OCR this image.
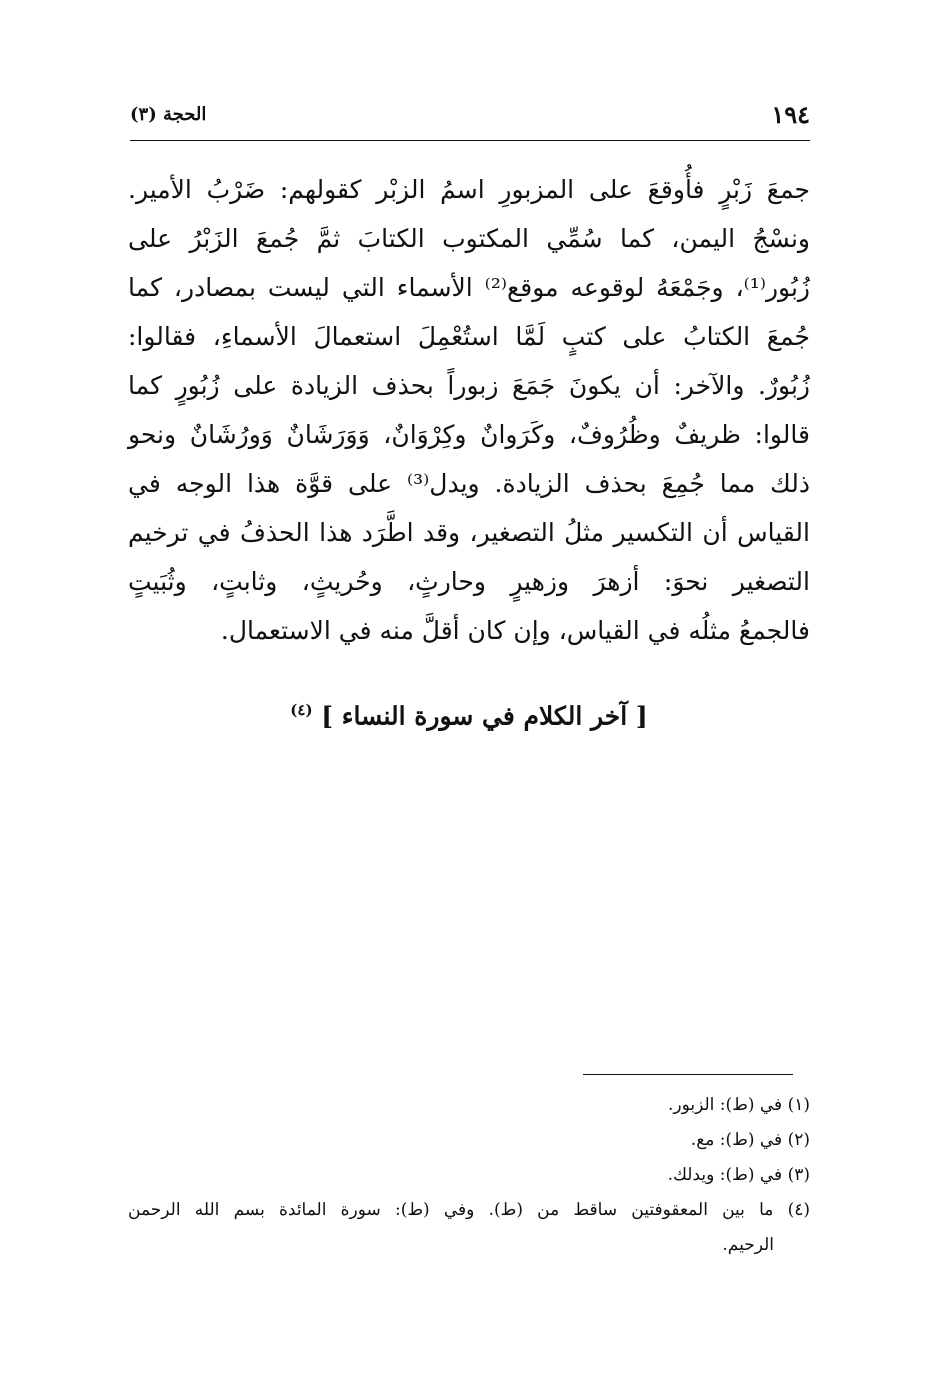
١٩٤
الحجة (٣)
جمعَ زَبْرٍ فأُوقعَ على المزبورِ اسمُ الزبْر كقولهم: ضَرْبُ الأمير.
ونسْجُ اليمن، كما سُمِّي المكتوب الكتابَ ثمَّ جُمعَ الزَبْرُ على
زُبُور⁽¹⁾، وجَمْعَهُ لوقوعه موقع⁽²⁾ الأسماء التي ليست بمصادر، كما
جُمعَ الكتابُ على كتبٍ لَمَّا استُعْمِلَ استعمالَ الأسماءِ، فقالوا:
زُبُورٌ. والآخر: أن يكونَ جَمَعَ زبوراً بحذف الزيادة على زُبُورٍ كما
قالوا: ظريفٌ وظُرُوفٌ، وكَرَوانٌ وكِرْوَانٌ، وَوَرَشَانٌ وَورُشَانٌ ونحو
ذلك مما جُمِعَ بحذف الزيادة. ويدل⁽³⁾ على قوَّة هذا الوجه في
القياس أن التكسير مثلُ التصغير، وقد اطَّرَد هذا الحذفُ في ترخيم
التصغير نحوَ: أزهرَ وزهيرٍ وحارثٍ، وحُريثٍ، وثابتٍ، وثُبَيتٍ
فالجمعُ مثلُه في القياس، وإن كان أقلَّ منه في الاستعمال.
[ آخر الكلام في سورة النساء ] $^{(٤)}$
(١) في (ط): الزبور.
(٢) في (ط): مع.
(٣) في (ط): ويدلك.
(٤) ما بين المعقوفتين ساقط من (ط). وفي (ط): سورة المائدة بسم الله الرحمن
الرحيم.
